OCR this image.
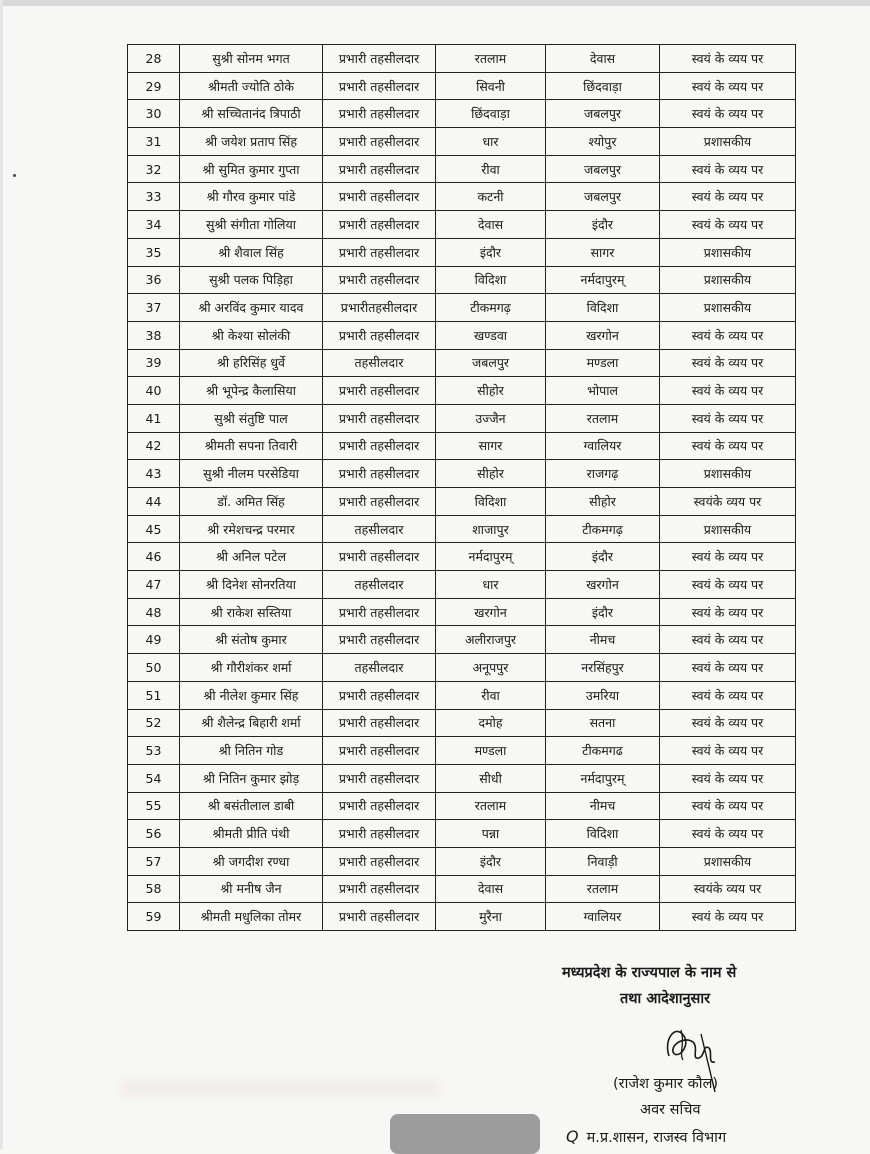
28	सुश्री सोनम भगत	प्रभारी तहसीलदार	रतलाम	देवास	स्वयं के व्यय पर
29	श्रीमती ज्योति ठोके	प्रभारी तहसीलदार	सिवनी	छिंदवाड़ा	स्वयं के व्यय पर
30	श्री सच्चितानंद त्रिपाठी	प्रभारी तहसीलदार	छिंदवाड़ा	जबलपुर	स्वयं के व्यय पर
31	श्री जयेश प्रताप सिंह	प्रभारी तहसीलदार	धार	श्योपुर	प्रशासकीय
32	श्री सुमित कुमार गुप्ता	प्रभारी तहसीलदार	रीवा	जबलपुर	स्वयं के व्यय पर
33	श्री गौरव कुमार पांडे	प्रभारी तहसीलदार	कटनी	जबलपुर	स्वयं के व्यय पर
34	सुश्री संगीता गोलिया	प्रभारी तहसीलदार	देवास	इंदौर	स्वयं के व्यय पर
35	श्री शैवाल सिंह	प्रभारी तहसीलदार	इंदौर	सागर	प्रशासकीय
36	सुश्री पलक पिड़िहा	प्रभारी तहसीलदार	विदिशा	नर्मदापुरम्	प्रशासकीय
37	श्री अरविंद कुमार यादव	प्रभारीतहसीलदार	टीकमगढ़	विदिशा	प्रशासकीय
38	श्री केश्या सोलंकी	प्रभारी तहसीलदार	खण्डवा	खरगोन	स्वयं के व्यय पर
39	श्री हरिसिंह धुर्वे	तहसीलदार	जबलपुर	मण्डला	स्वयं के व्यय पर
40	श्री भूपेन्द्र कैलासिया	प्रभारी तहसीलदार	सीहोर	भोपाल	स्वयं के व्यय पर
41	सुश्री संतुष्टि पाल	प्रभारी तहसीलदार	उज्जैन	रतलाम	स्वयं के व्यय पर
42	श्रीमती सपना तिवारी	प्रभारी तहसीलदार	सागर	ग्वालियर	स्वयं के व्यय पर
43	सुश्री नीलम परसेडिया	प्रभारी तहसीलदार	सीहोर	राजगढ़	प्रशासकीय
44	डॉ. अमित सिंह	प्रभारी तहसीलदार	विदिशा	सीहोर	स्वयंके व्यय पर
45	श्री रमेशचन्द्र परमार	तहसीलदार	शाजापुर	टीकमगढ़	प्रशासकीय
46	श्री अनिल पटेल	प्रभारी तहसीलदार	नर्मदापुरम्	इंदौर	स्वयं के व्यय पर
47	श्री दिनेश सोनरतिया	तहसीलदार	धार	खरगोन	स्वयं के व्यय पर
48	श्री राकेश सस्तिया	प्रभारी तहसीलदार	खरगोन	इंदौर	स्वयं के व्यय पर
49	श्री संतोष कुमार	प्रभारी तहसीलदार	अलीराजपुर	नीमच	स्वयं के व्यय पर
50	श्री गौरीशंकर शर्मा	तहसीलदार	अनूपपुर	नरसिंहपुर	स्वयं के व्यय पर
51	श्री नीलेश कुमार सिंह	प्रभारी तहसीलदार	रीवा	उमरिया	स्वयं के व्यय पर
52	श्री शैलेन्द्र बिहारी शर्मा	प्रभारी तहसीलदार	दमोह	सतना	स्वयं के व्यय पर
53	श्री नितिन गोड	प्रभारी तहसीलदार	मण्डला	टीकमगढ	स्वयं के व्यय पर
54	श्री नितिन कुमार झोड़	प्रभारी तहसीलदार	सीधी	नर्मदापुरम्	स्वयं के व्यय पर
55	श्री बसंतीलाल डाबी	प्रभारी तहसीलदार	रतलाम	नीमच	स्वयं के व्यय पर
56	श्रीमती प्रीति पंथी	प्रभारी तहसीलदार	पन्ना	विदिशा	स्वयं के व्यय पर
57	श्री जगदीश रण्धा	प्रभारी तहसीलदार	इंदौर	निवाड़ी	प्रशासकीय
58	श्री मनीष जैन	प्रभारी तहसीलदार	देवास	रतलाम	स्वयंके व्यय पर
59	श्रीमती मधुलिका तोमर	प्रभारी तहसीलदार	मुरैना	ग्वालियर	स्वयं के व्यय पर
मध्यप्रदेश के राज्यपाल के नाम से
तथा आदेशानुसार
(राजेश कुमार कौल)
अवर सचिव
Q म.प्र.शासन, राजस्व विभाग
